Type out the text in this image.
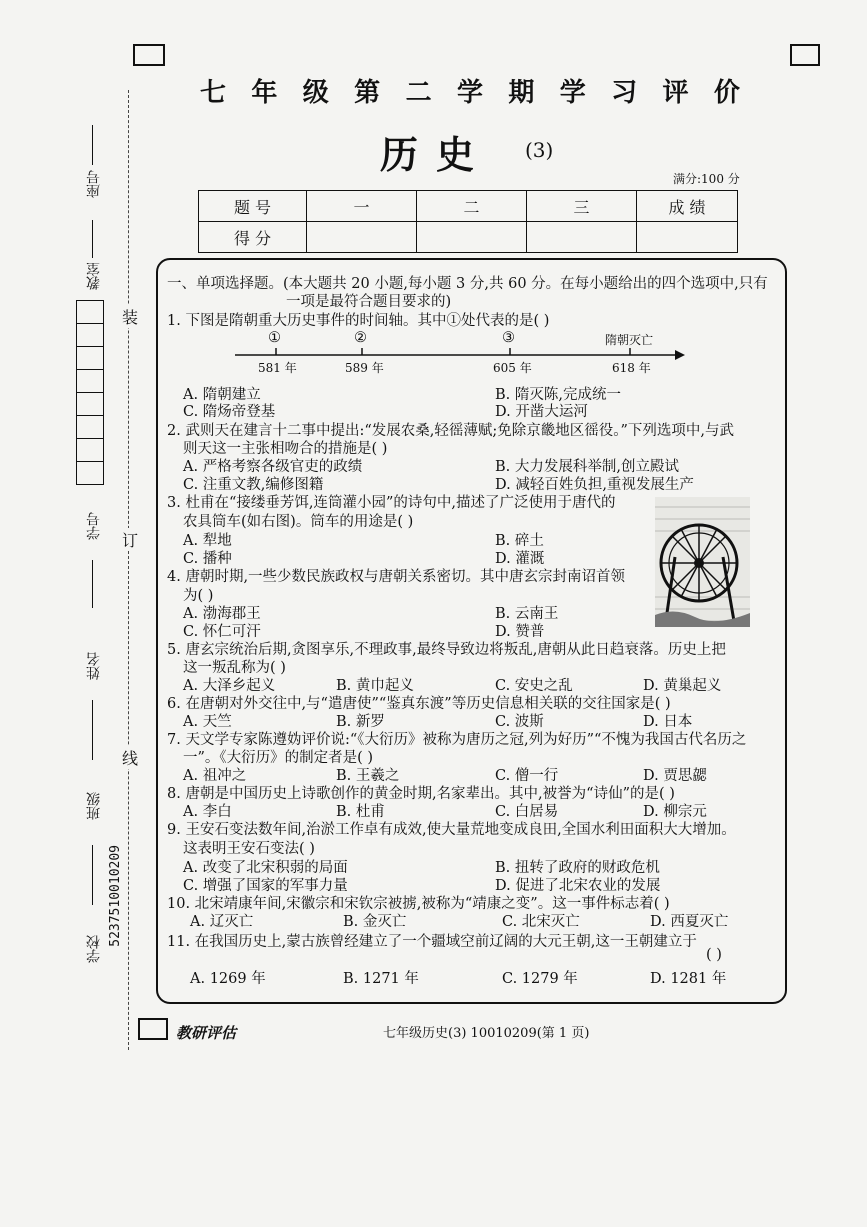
装
订
线
座号
教室
学号
姓名
班级
学校
5237510010209
七 年 级 第 二 学 期 学 习 评 价
历史 (3)
满分:100 分
题 号	一	二	三	成 绩
得 分				
一、单项选择题。(本大题共 20 小题,每小题 3 分,共 60 分。在每小题给出的四个选项中,只有
一项是最符合题目要求的)
1. 下图是隋朝重大历史事件的时间轴。其中①处代表的是( )
①	②	③	隋朝灭亡
581 年	589 年	605 年	618 年
A. 隋朝建立	B. 隋灭陈,完成统一
C. 隋炀帝登基	D. 开凿大运河
2. 武则天在建言十二事中提出:“发展农桑,轻徭薄赋;免除京畿地区徭役。”下列选项中,与武
则天这一主张相吻合的措施是( )
A. 严格考察各级官吏的政绩	B. 大力发展科举制,创立殿试
C. 注重文教,编修图籍	D. 减轻百姓负担,重视发展生产
3. 杜甫在“接缕垂芳饵,连筒灌小园”的诗句中,描述了广泛使用于唐代的
农具筒车(如右图)。筒车的用途是( )
A. 犁地	B. 碎土
C. 播种	D. 灌溉
4. 唐朝时期,一些少数民族政权与唐朝关系密切。其中唐玄宗封南诏首领
为( )
A. 渤海郡王	B. 云南王
C. 怀仁可汗	D. 赞普
5. 唐玄宗统治后期,贪图享乐,不理政事,最终导致边将叛乱,唐朝从此日趋衰落。历史上把
这一叛乱称为( )
A. 大泽乡起义	B. 黄巾起义	C. 安史之乱	D. 黄巢起义
6. 在唐朝对外交往中,与“遣唐使”“鉴真东渡”等历史信息相关联的交往国家是( )
A. 天竺	B. 新罗	C. 波斯	D. 日本
7. 天文学专家陈遵妫评价说:“《大衍历》被称为唐历之冠,列为好历”“不愧为我国古代名历之
一”。《大衍历》的制定者是( )
A. 祖冲之	B. 王羲之	C. 僧一行	D. 贾思勰
8. 唐朝是中国历史上诗歌创作的黄金时期,名家辈出。其中,被誉为“诗仙”的是( )
A. 李白	B. 杜甫	C. 白居易	D. 柳宗元
9. 王安石变法数年间,治淤工作卓有成效,使大量荒地变成良田,全国水利田面积大大增加。
这表明王安石变法( )
A. 改变了北宋积弱的局面	B. 扭转了政府的财政危机
C. 增强了国家的军事力量	D. 促进了北宋农业的发展
10. 北宋靖康年间,宋徽宗和宋钦宗被掳,被称为“靖康之变”。这一事件标志着( )
A. 辽灭亡	B. 金灭亡	C. 北宋灭亡	D. 西夏灭亡
11. 在我国历史上,蒙古族曾经建立了一个疆域空前辽阔的大元王朝,这一王朝建立于
( )
A. 1269 年	B. 1271 年	C. 1279 年	D. 1281 年
教研评估	七年级历史(3) 10010209(第 1 页)
